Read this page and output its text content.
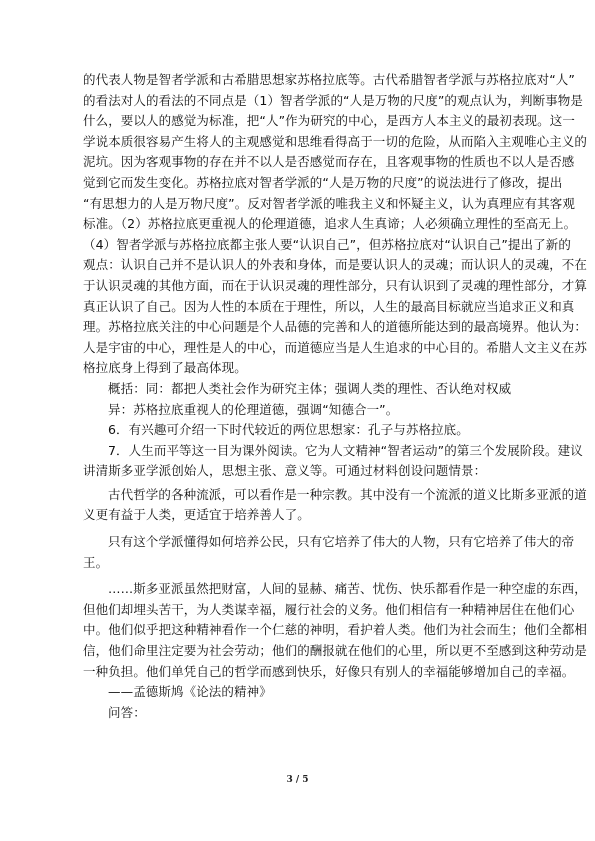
的代表人物是智者学派和古希腊思想家苏格拉底等。古代希腊智者学派与苏格拉底对“人”
的看法对人的看法的不同点是（1）智者学派的“人是万物的尺度”的观点认为，判断事物是
什么，要以人的感觉为标准，把“人”作为研究的中心，是西方人本主义的最初表现。这一
学说本质很容易产生将人的主观感觉和思维看得高于一切的危险，从而陷入主观唯心主义的
泥坑。因为客观事物的存在并不以人是否感觉而存在，且客观事物的性质也不以人是否感
觉到它而发生变化。苏格拉底对智者学派的“人是万物的尺度”的说法进行了修改，提出
“有思想力的人是万物尺度”。反对智者学派的唯我主义和怀疑主义，认为真理应有其客观
标准。（2）苏格拉底更重视人的伦理道德，追求人生真谛；人必须确立理性的至高无上。
（4）智者学派与苏格拉底都主张人要“认识自己”，但苏格拉底对“认识自己”提出了新的
观点：认识自己并不是认识人的外表和身体，而是要认识人的灵魂；而认识人的灵魂，不在
于认识灵魂的其他方面，而在于认识灵魂的理性部分，只有认识到了灵魂的理性部分，才算
真正认识了自己。因为人性的本质在于理性，所以，人生的最高目标就应当追求正义和真
理。苏格拉底关注的中心问题是个人品德的完善和人的道德所能达到的最高境界。他认为：
人是宇宙的中心，理性是人的中心，而道德应当是人生追求的中心目的。希腊人文主义在苏
格拉底身上得到了最高体现。
概括：同：都把人类社会作为研究主体；强调人类的理性、否认绝对权威
异：苏格拉底重视人的伦理道德，强调“知德合一”。
6．有兴趣可介绍一下时代较近的两位思想家：孔子与苏格拉底。
7．人生而平等这一目为课外阅读。它为人文精神“智者运动”的第三个发展阶段。建议
讲清斯多亚学派创始人，思想主张、意义等。可通过材料创设问题情景：
古代哲学的各种流派，可以看作是一种宗教。其中没有一个流派的道义比斯多亚派的道
义更有益于人类，更适宜于培养善人了。
只有这个学派懂得如何培养公民，只有它培养了伟大的人物，只有它培养了伟大的帝
王。
……斯多亚派虽然把财富，人间的显赫、痛苦、忧伤、快乐都看作是一种空虚的东西，
但他们却埋头苦干，为人类谋幸福，履行社会的义务。他们相信有一种精神居住在他们心
中。他们似乎把这种精神看作一个仁慈的神明，看护着人类。他们为社会而生；他们全都相
信，他们命里注定要为社会劳动；他们的酬报就在他们的心里，所以更不至感到这种劳动是
一种负担。他们单凭自己的哲学而感到快乐，好像只有别人的幸福能够增加自己的幸福。
——孟德斯鸠《论法的精神》
问答：
3 / 5
